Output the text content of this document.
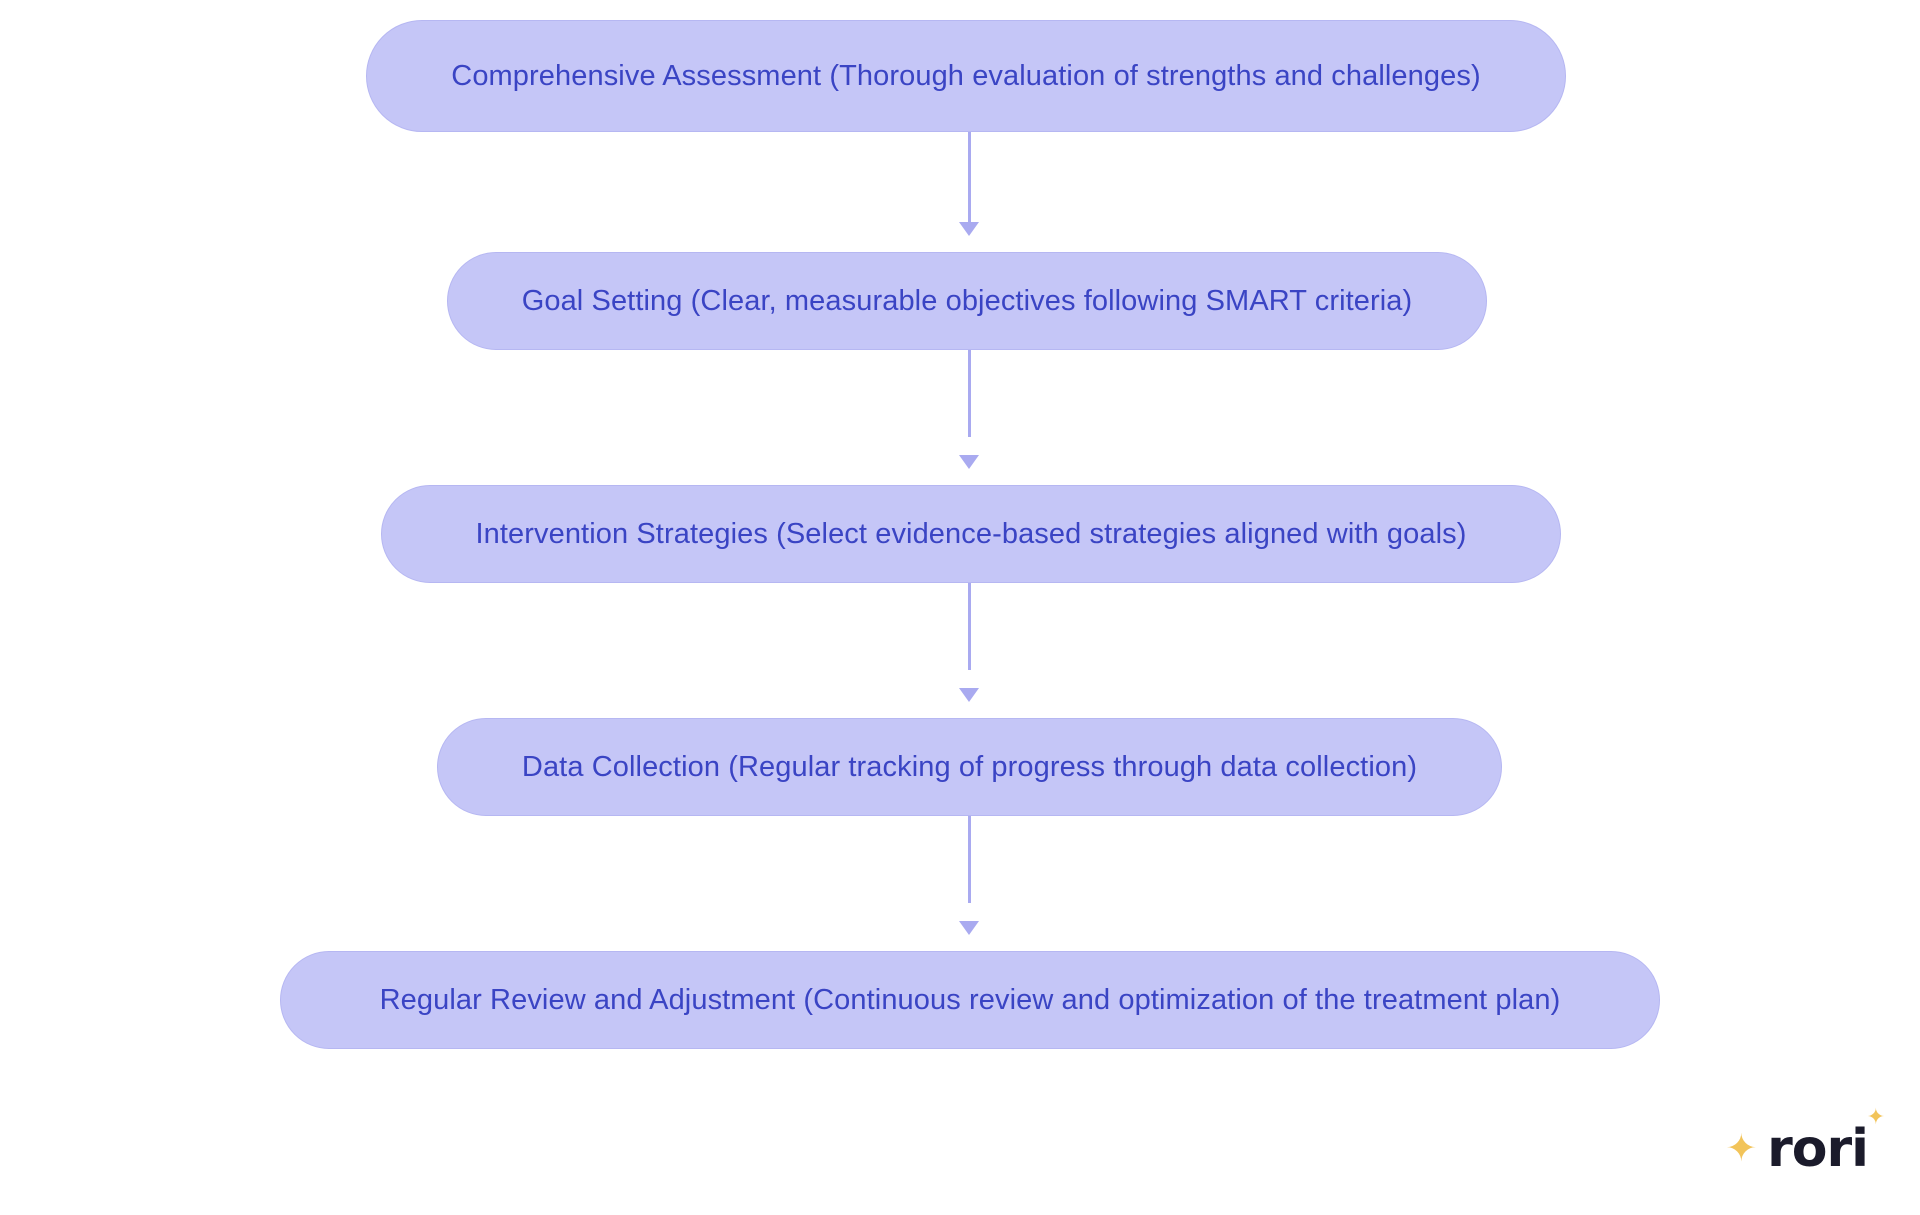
Comprehensive Assessment (Thorough evaluation of strengths and challenges)
Goal Setting (Clear, measurable objectives following SMART criteria)
Intervention Strategies (Select evidence-based strategies aligned with goals)
Data Collection (Regular tracking of progress through data collection)
Regular Review and Adjustment (Continuous review and optimization of the treatment plan)
✦ rori
✦
